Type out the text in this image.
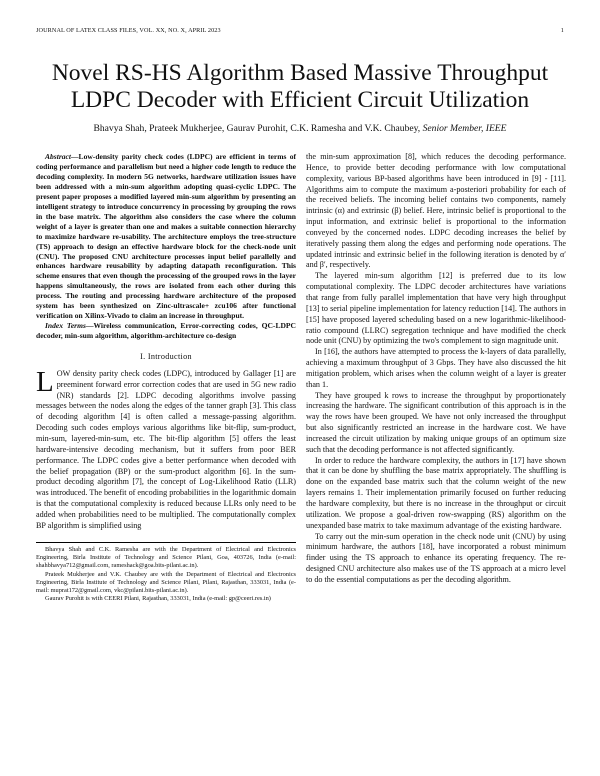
JOURNAL OF LATEX CLASS FILES, VOL. XX, NO. X, APRIL 2023	1
Novel RS-HS Algorithm Based Massive Throughput LDPC Decoder with Efficient Circuit Utilization
Bhavya Shah, Prateek Mukherjee, Gaurav Purohit, C.K. Ramesha and V.K. Chaubey, Senior Member, IEEE

Abstract—Low-density parity check codes (LDPC) are efficient in terms of coding performance and parallelism but need a higher code length to reduce the decoding complexity. In modern 5G networks, hardware utilization issues have been addressed with a min-sum algorithm adopting quasi-cyclic LDPC. The present paper proposes a modified layered min-sum algorithm by presenting an intelligent strategy to introduce concurrency in processing by grouping the rows in the base matrix. The algorithm also considers the case where the column weight of a layer is greater than one and makes a suitable connection hierarchy to maximize hardware re-usability. The architecture employs the tree-structure (TS) approach to design an effective hardware block for the check-node unit (CNU). The proposed CNU architecture processes input belief parallelly and enhances hardware reusability by adapting datapath reconfiguration. This scheme ensures that even though the processing of the grouped rows in the layer happens simultaneously, the rows are isolated from each other during this process. The routing and processing hardware architecture of the proposed system has been synthesized on Zinc-ultrascale+ zcu106 after functional verification on Xilinx-Vivado to claim an increase in throughput.

Index Terms—Wireless communication, Error-correcting codes, QC-LDPC decoder, min-sum algorithm, algorithm-architecture co-design

I. Introduction

LOW density parity check codes (LDPC), introduced by Gallager [1] are preeminent forward error correction codes that are used in 5G new radio (NR) standards [2]. LDPC decoding algorithms involve passing messages between the nodes along the edges of the tanner graph [3]. This class of decoding algorithm [4] is often called a message-passing algorithm. Decoding such codes employs various algorithms like bit-flip, sum-product, min-sum, layered-min-sum, etc. The bit-flip algorithm [5] offers the least hardware-intensive decoding mechanism, but it suffers from poor BER performance. The LDPC codes give a better performance when decoded with the belief propagation (BP) or the sum-product algorithm [6]. In the sum-product decoding algorithm [7], the concept of Log-Likelihood Ratio (LLR) was introduced. The benefit of encoding probabilities in the logarithmic domain is that the computational complexity is reduced because LLRs only need to be added when probabilities need to be multiplied. The computationally complex BP algorithm is simplified using

Bhavya Shah and C.K. Ramesha are with the Department of Electrical and Electronics Engineering, Birla Institute of Technology and Science Pilani, Goa, 403726, India (e-mail: shahbhavya712@gmail.com, rameshack@goa.bits-pilani.ac.in).

Prateek Mukherjee and V.K. Chaubey are with the Department of Electrical and Electronics Engineering, Birla Institute of Technology and Science Pilani, Pilani, Rajasthan, 333031, India (e-mail: muprat172@gmail.com, vkc@pilani.bits-pilani.ac.in).

Gaurav Purohit is with CEERI Pilani, Rajasthan, 333031, India (e-mail: gp@ceeri.res.in)

the min-sum approximation [8], which reduces the decoding performance. Hence, to provide better decoding performance with low computational complexity, various BP-based algorithms have been introduced in [9] - [11]. Algorithms aim to compute the maximum a-posteriori probability for each of the received beliefs. The incoming belief contains two components, namely intrinsic (α) and extrinsic (β) belief. Here, intrinsic belief is proportional to the input information, and extrinsic belief is proportional to the information conveyed by the concerned nodes. LDPC decoding increases the belief by iteratively passing them along the edges and performing node operations. The updated intrinsic and extrinsic belief in the following iteration is denoted by α′ and β′, respectively.

The layered min-sum algorithm [12] is preferred due to its low computational complexity. The LDPC decoder architectures have variations that range from fully parallel implementation that have very high throughput [13] to serial pipeline implementation for latency reduction [14]. The authors in [15] have proposed layered scheduling based on a new logarithmic-likelihood-ratio compound (LLRC) segregation technique and have modified the check node unit (CNU) by optimizing the two's complement to sign magnitude unit.

In [16], the authors have attempted to process the k-layers of data parallelly, achieving a maximum throughput of 3 Gbps. They have also discussed the hit mitigation problem, which arises when the column weight of a layer is greater than 1.

They have grouped k rows to increase the throughput by proportionately increasing the hardware. The significant contribution of this approach is in the way the rows have been grouped. We have not only increased the throughput but also significantly restricted an increase in the hardware cost. We have increased the circuit utilization by making unique groups of an optimum size such that the decoding performance is not affected significantly.

In order to reduce the hardware complexity, the authors in [17] have shown that it can be done by shuffling the base matrix appropriately. The shuffling is done on the expanded base matrix such that the column weight of the new layers remains 1. Their implementation primarily focused on further reducing the hardware complexity, but there is no increase in the throughput or circuit utilization. We propose a goal-driven row-swapping (RS) algorithm on the unexpanded base matrix to take maximum advantage of the existing hardware.

To carry out the min-sum operation in the check node unit (CNU) by using minimum hardware, the authors [18], have incorporated a robust minimum finder using the TS approach to enhance its operating frequency. The re-designed CNU architecture also makes use of the TS approach at a micro level to do the essential computations as per the decoding algorithm.
